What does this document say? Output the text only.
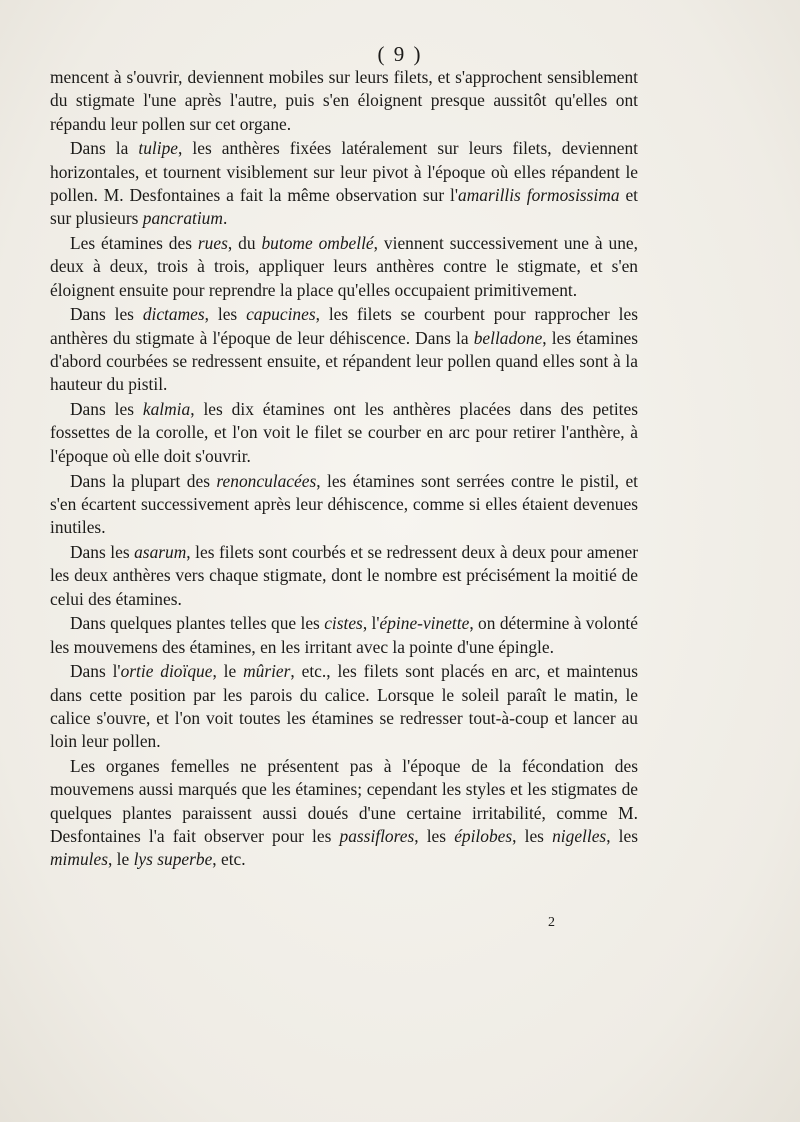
( 9 )

mencent à s'ouvrir, deviennent mobiles sur leurs filets, et s'approchent sensiblement du stigmate l'une après l'autre, puis s'en éloignent presque aussitôt qu'elles ont répandu leur pollen sur cet organe.

Dans la tulipe, les anthères fixées latéralement sur leurs filets, deviennent horizontales, et tournent visiblement sur leur pivot à l'époque où elles répandent le pollen. M. Desfontaines a fait la même observation sur l'amarillis formosissima et sur plusieurs pancratium.

Les étamines des rues, du butome ombellé, viennent successivement une à une, deux à deux, trois à trois, appliquer leurs anthères contre le stigmate, et s'en éloignent ensuite pour reprendre la place qu'elles occupaient primitivement.

Dans les dictames, les capucines, les filets se courbent pour rapprocher les anthères du stigmate à l'époque de leur déhiscence. Dans la belladone, les étamines d'abord courbées se redressent ensuite, et répandent leur pollen quand elles sont à la hauteur du pistil.

Dans les kalmia, les dix étamines ont les anthères placées dans des petites fossettes de la corolle, et l'on voit le filet se courber en arc pour retirer l'anthère, à l'époque où elle doit s'ouvrir.

Dans la plupart des renonculacées, les étamines sont serrées contre le pistil, et s'en écartent successivement après leur déhiscence, comme si elles étaient devenues inutiles.

Dans les asarum, les filets sont courbés et se redressent deux à deux pour amener les deux anthères vers chaque stigmate, dont le nombre est précisément la moitié de celui des étamines.

Dans quelques plantes telles que les cistes, l'épine-vinette, on détermine à volonté les mouvemens des étamines, en les irritant avec la pointe d'une épingle.

Dans l'ortie dioïque, le mûrier, etc., les filets sont placés en arc, et maintenus dans cette position par les parois du calice. Lorsque le soleil paraît le matin, le calice s'ouvre, et l'on voit toutes les étamines se redresser tout-à-coup et lancer au loin leur pollen.

Les organes femelles ne présentent pas à l'époque de la fécondation des mouvemens aussi marqués que les étamines; cependant les styles et les stigmates de quelques plantes paraissent aussi doués d'une certaine irritabilité, comme M. Desfontaines l'a fait observer pour les passiflores, les épilobes, les nigelles, les mimules, le lys superbe, etc.

2
